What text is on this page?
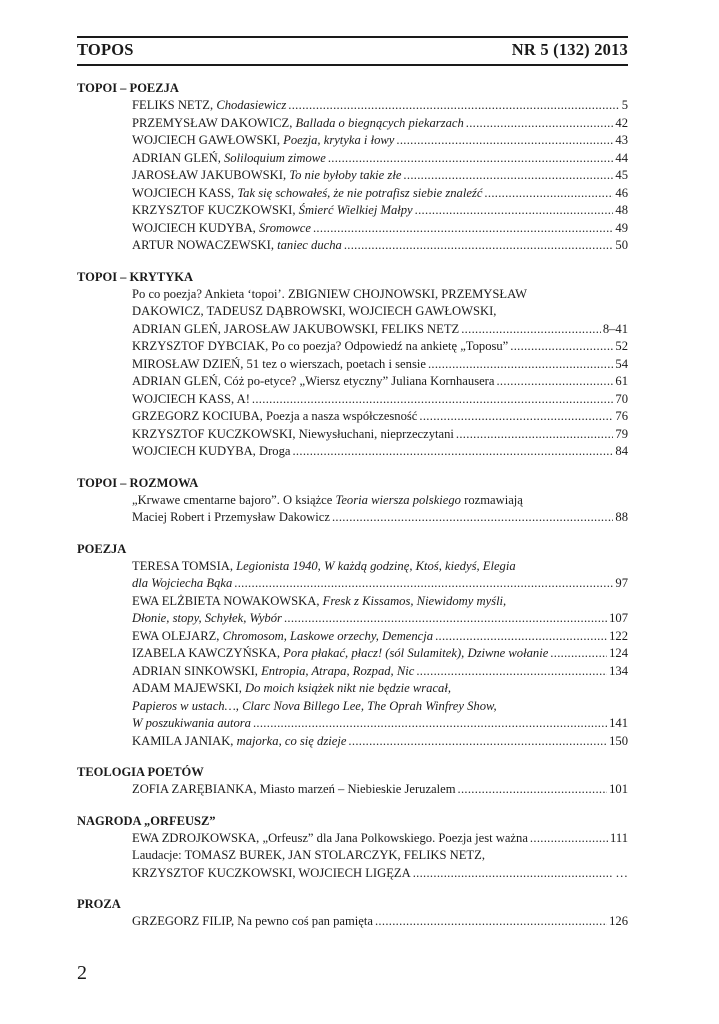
TOPOS	NR 5 (132) 2013
TOPOI – POEZJA
FELIKS NETZ, Chodasiewicz .....	5
PRZEMYSŁAW DAKOWICZ, Ballada o biegnących piekarzach .....	42
WOJCIECH GAWŁOWSKI, Poezja, krytyka i łowy .....	43
ADRIAN GLEŃ, Soliloquium zimowe .....	44
JAROSŁAW JAKUBOWSKI, To nie byłoby takie złe .....	45
WOJCIECH KASS, Tak się schowałeś, że nie potrafisz siebie znaleźć .....	46
KRZYSZTOF KUCZKOWSKI, Śmierć Wielkiej Małpy .....	48
WOJCIECH KUDYBA, Sromowce .....	49
ARTUR NOWACZEWSKI, taniec ducha .....	50
TOPOI – KRYTYKA
Po co poezja? Ankieta ‘topoi’. ZBIGNIEW CHOJNOWSKI, PRZEMYSŁAW
DAKOWICZ, TADEUSZ DĄBROWSKI, WOJCIECH GAWŁOWSKI,
ADRIAN GLEŃ, JAROSŁAW JAKUBOWSKI, FELIKS NETZ .....	8–41
KRZYSZTOF DYBCIAK, Po co poezja? Odpowiedź na ankietę „Toposu” .....	52
MIROSŁAW DZIEŃ, 51 tez o wierszach, poetach i sensie .....	54
ADRIAN GLEŃ, Cóż po-etyce? „Wiersz etyczny” Juliana Kornhausera .....	61
WOJCIECH KASS, A! .....	70
GRZEGORZ KOCIUBA, Poezja a nasza współczesność .....	76
KRZYSZTOF KUCZKOWSKI, Niewysłuchani, nieprzeczytani .....	79
WOJCIECH KUDYBA, Droga .....	84
TOPOI – ROZMOWA
„Krwawe cmentarne bajoro”. O książce Teoria wiersza polskiego rozmawiają
Maciej Robert i Przemysław Dakowicz .....	88
POEZJA
TERESA TOMSIA, Legionista 1940, W każdą godzinę, Ktoś, kiedyś, Elegia
dla Wojciecha Bąka .....	97
EWA ELŻBIETA NOWAKOWSKA, Fresk z Kissamos, Niewidomy myśli,
Dłonie, stopy, Schyłek, Wybór .....	107
EWA OLEJARZ, Chromosom, Laskowe orzechy, Demencja .....	122
IZABELA KAWCZYŃSKA, Pora płakać, płacz! (sól Sulamitek), Dziwne wołanie .....	124
ADRIAN SINKOWSKI, Entropia, Atrapa, Rozpad, Nic .....	134
ADAM MAJEWSKI, Do moich książek nikt nie będzie wracał,
Papieros w ustach…, Clarc Nova Billego Lee, The Oprah Winfrey Show,
W poszukiwania autora .....	141
KAMILA JANIAK, majorka, co się dzieje .....	150
TEOLOGIA POETÓW
ZOFIA ZARĘBIANKA, Miasto marzeń – Niebieskie Jeruzalem .....	101
NAGRODA „ORFEUSZ”
EWA ZDROJKOWSKA, „Orfeusz” dla Jana Polkowskiego. Poezja jest ważna .....	111
Laudacje: TOMASZ BUREK, JAN STOLARCZYK, FELIKS NETZ,
KRZYSZTOF KUCZKOWSKI, WOJCIECH LIGĘZA .....	…
PROZA
GRZEGORZ FILIP, Na pewno coś pan pamięta .....	126
2
